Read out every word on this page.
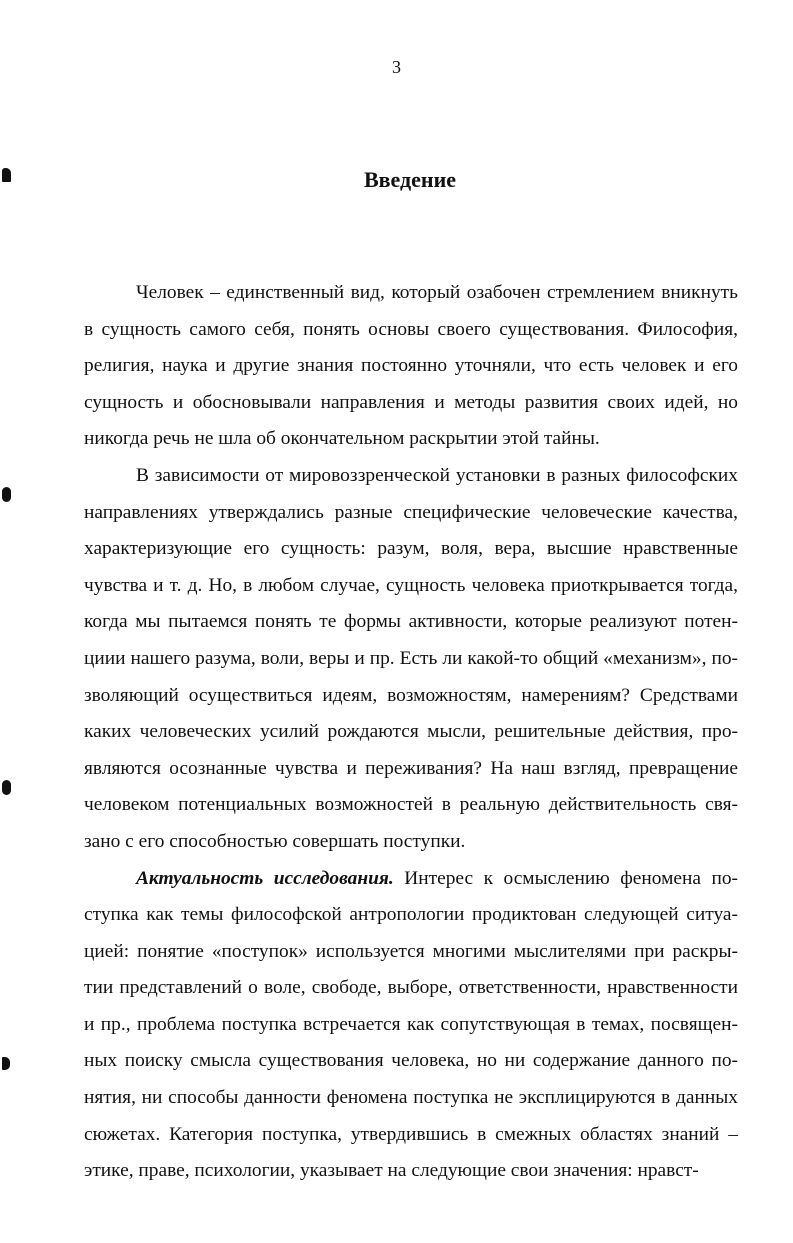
3
Введение

Человек – единственный вид, который озабочен стремлением вникнуть в сущность самого себя, понять основы своего существования. Философия, религия, наука и другие знания постоянно уточняли, что есть человек и его сущность и обосновывали направления и методы развития своих идей, но никогда речь не шла об окончательном раскрытии этой тайны.

В зависимости от мировоззренческой установки в разных философских направлениях утверждались разные специфические человеческие качества, характеризующие его сущность: разум, воля, вера, высшие нравственные чувства и т. д. Но, в любом случае, сущность человека приоткрывается тогда, когда мы пытаемся понять те формы активности, которые реализуют потенциии нашего разума, воли, веры и пр. Есть ли какой-то общий «механизм», позволяющий осуществиться идеям, возможностям, намерениям? Средствами каких человеческих усилий рождаются мысли, решительные действия, проявляются осознанные чувства и переживания? На наш взгляд, превращение человеком потенциальных возможностей в реальную действительность связано с его способностью совершать поступки.

Актуальность исследования. Интерес к осмыслению феномена поступка как темы философской антропологии продиктован следующей ситуацией: понятие «поступок» используется многими мыслителями при раскрытии представлений о воле, свободе, выборе, ответственности, нравственности и пр., проблема поступка встречается как сопутствующая в темах, посвященных поиску смысла существования человека, но ни содержание данного понятия, ни способы данности феномена поступка не эксплицируются в данных сюжетах. Категория поступка, утвердившись в смежных областях знаний – этике, праве, психологии, указывает на следующие свои значения: нравст-
